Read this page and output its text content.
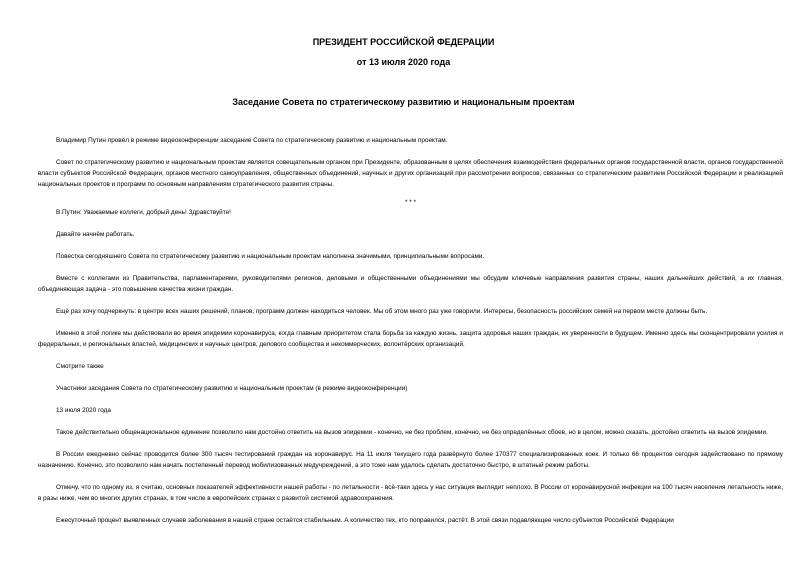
ПРЕЗИДЕНТ РОССИЙСКОЙ ФЕДЕРАЦИИ
от 13 июля 2020 года
Заседание Совета по стратегическому развитию и национальным проектам

Владимир Путин провёл в режиме видеоконференции заседание Совета по стратегическому развитию и национальным проектам.

Совет по стратегическому развитию и национальным проектам является совещательным органом при Президенте, образованным в целях обеспечения взаимодействия федеральных органов государственной власти, органов государственной власти субъектов Российской Федерации, органов местного самоуправления, общественных объединений, научных и других организаций при рассмотрении вопросов, связанных со стратегическим развитием Российской Федерации и реализацией национальных проектов и программ по основным направлениям стратегического развития страны.

* * *

В.Путин: Уважаемые коллеги, добрый день! Здравствуйте!

Давайте начнём работать.

Повестка сегодняшнего Совета по стратегическому развитию и национальным проектам наполнена значимыми, принципиальными вопросами.

Вместе с коллегами из Правительства, парламентариями, руководителями регионов, деловыми и общественными объединениями мы обсудим ключевые направления развития страны, наших дальнейших действий, а их главная, объединяющая задача - это повышение качества жизни граждан.

Ещё раз хочу подчеркнуть: в центре всех наших решений, планов, программ должен находиться человек. Мы об этом много раз уже говорили. Интересы, безопасность российских семей на первом месте должны быть.

Именно в этой логике мы действовали во время эпидемии коронавируса, когда главным приоритетом стала борьба за каждую жизнь, защита здоровья наших граждан, их уверенности в будущем. Именно здесь мы сконцентрировали усилия и федеральных, и региональных властей, медицинских и научных центров, делового сообщества и некоммерческих, волонтёрских организаций.

Смотрите также

Участники заседания Совета по стратегическому развитию и национальным проектам (в режиме видеоконференции)

13 июля 2020 года

Такое действительно общенациональное единение позволило нам достойно ответить на вызов эпидемии - конечно, не без проблем, конечно, не без определённых сбоев, но в целом, можно сказать, достойно ответить на вызов эпидемии.

В России ежедневно сейчас проводится более 300 тысяч тестирований граждан на коронавирус. На 11 июля текущего года развёрнуто более 170377 специализированных коек. И только 66 процентов сегодня задействовано по прямому назначению. Конечно, это позволило нам начать постепенный перевод мобилизованных медучреждений, а это тоже нам удалось сделать достаточно быстро, в штатный режим работы.

Отмечу, что по одному из, я считаю, основных показателей эффективности нашей работы - по летальности - всё-таки здесь у нас ситуация выглядит неплохо. В России от коронавирусной инфекции на 100 тысяч населения летальность ниже, в разы ниже, чем во многих других странах, в том числе в европейских странах с развитой системой здравоохранения.

Ежесуточный процент выявленных случаев заболевания в нашей стране остаётся стабильным. А количество тех, кто поправился, растёт. В этой связи подавляющее число субъектов Российской Федерации
